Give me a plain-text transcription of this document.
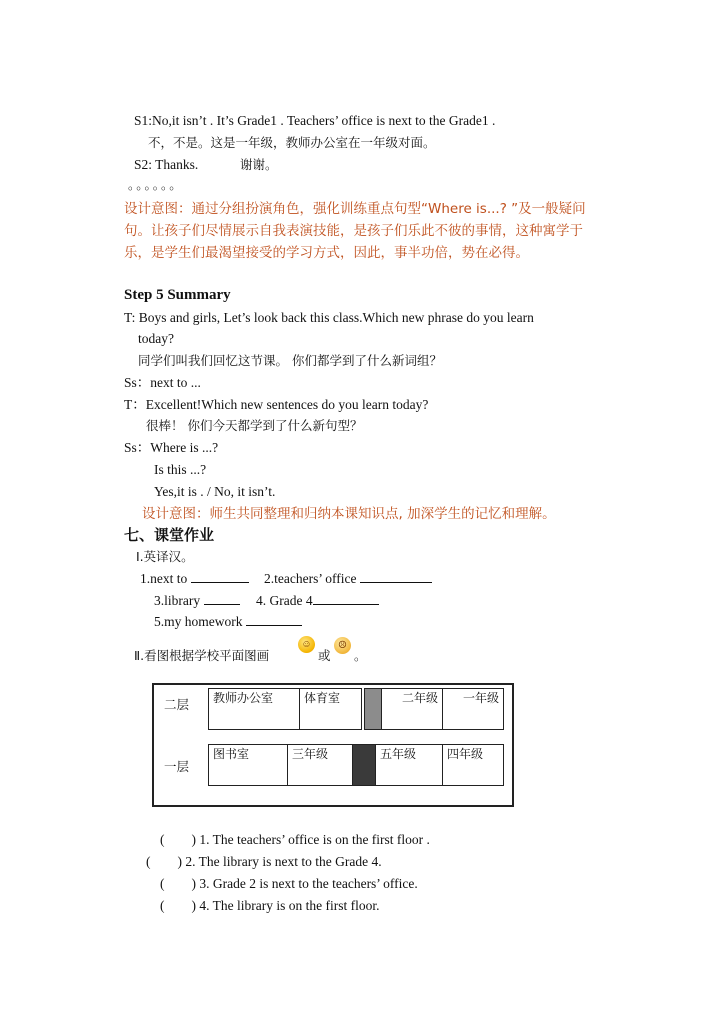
S1:No,it isn’t . It’s Grade1 . Teachers’ office is next to the Grade1 .
不，不是。这是一年级，教师办公室在一年级对面。
S2: Thanks.	谢谢。
。。。。。。
设计意图：通过分组扮演角色，强化训练重点句型“Where is...? ”及一般疑问句。让孩子们尽情展示自我表演技能，是孩子们乐此不彼的事情，这种寓学于乐，是学生们最渴望接受的学习方式，因此，事半功倍，势在必得。
Step 5 Summary
T: Boys and girls, Let’s look back this class.Which new phrase do you learn
today?
同学们叫我们回忆这节课。 你们都学到了什么新词组？
Ss：next to ...
T：Excellent!Which new sentences do you learn today?
很棒！ 你们今天都学到了什么新句型？
Ss：Where is ...?
Is this ...?
Yes,it is . / No, it isn’t.
设计意图：师生共同整理和归纳本课知识点, 加深学生的记忆和理解。
七、课堂作业
Ⅰ.英译汉。
1.next to	2.teachers’ office
3.library	4. Grade 4
5.my homework
Ⅱ.看图根据学校平面图画
☺
或
☹
。
二层
一层
教师办公室	体育室	二年级	一年级
图书室	三年级	五年级	四年级
(        ) 1. The teachers’ office is on the first floor .
(        ) 2. The library is next to the Grade 4.
(        ) 3. Grade 2 is next to the teachers’ office.
(        ) 4. The library is on the first floor.
